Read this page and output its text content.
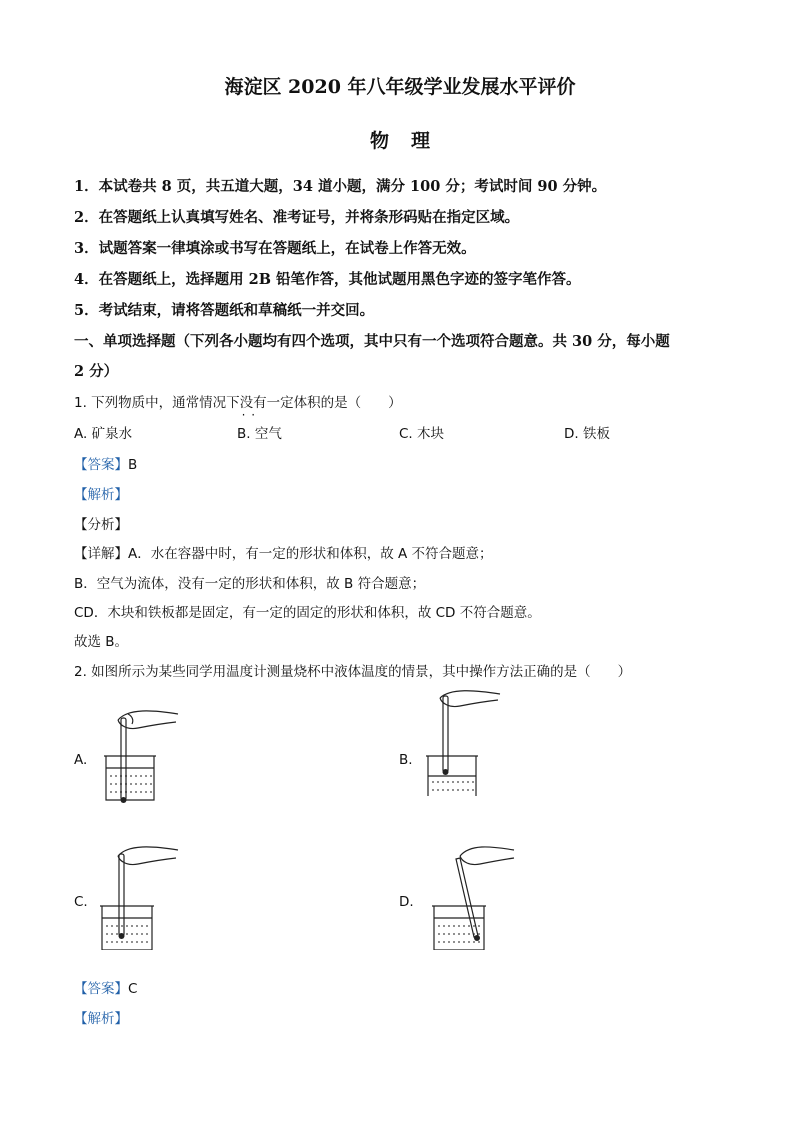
海淀区 2020 年八年级学业发展水平评价
物理
1．本试卷共 8 页，共五道大题，34 道小题，满分 100 分；考试时间 90 分钟。
2．在答题纸上认真填写姓名、准考证号，并将条形码贴在指定区域。
3．试题答案一律填涂或书写在答题纸上，在试卷上作答无效。
4．在答题纸上，选择题用 2B 铅笔作答，其他试题用黑色字迹的签字笔作答。
5．考试结束，请将答题纸和草稿纸一并交回。
一、单项选择题（下列各小题均有四个选项，其中只有一个选项符合题意。共 30 分，每小题
2 分）
1. 下列物质中，通常情况下没有 · ·一定体积的是（　　）
A. 矿泉水	B. 空气	C. 木块	D. 铁板
【答案】B
【解析】
【分析】
【详解】A．水在容器中时，有一定的形状和体积，故 A 不符合题意；
B．空气为流体，没有一定的形状和体积，故 B 符合题意；
CD．木块和铁板都是固定，有一定的固定的形状和体积，故 CD 不符合题意。
故选 B。
2. 如图所示为某些同学用温度计测量烧杯中液体温度的情景，其中操作方法正确的是（　　）
A.	B.
C.	D.
【答案】C
【解析】
